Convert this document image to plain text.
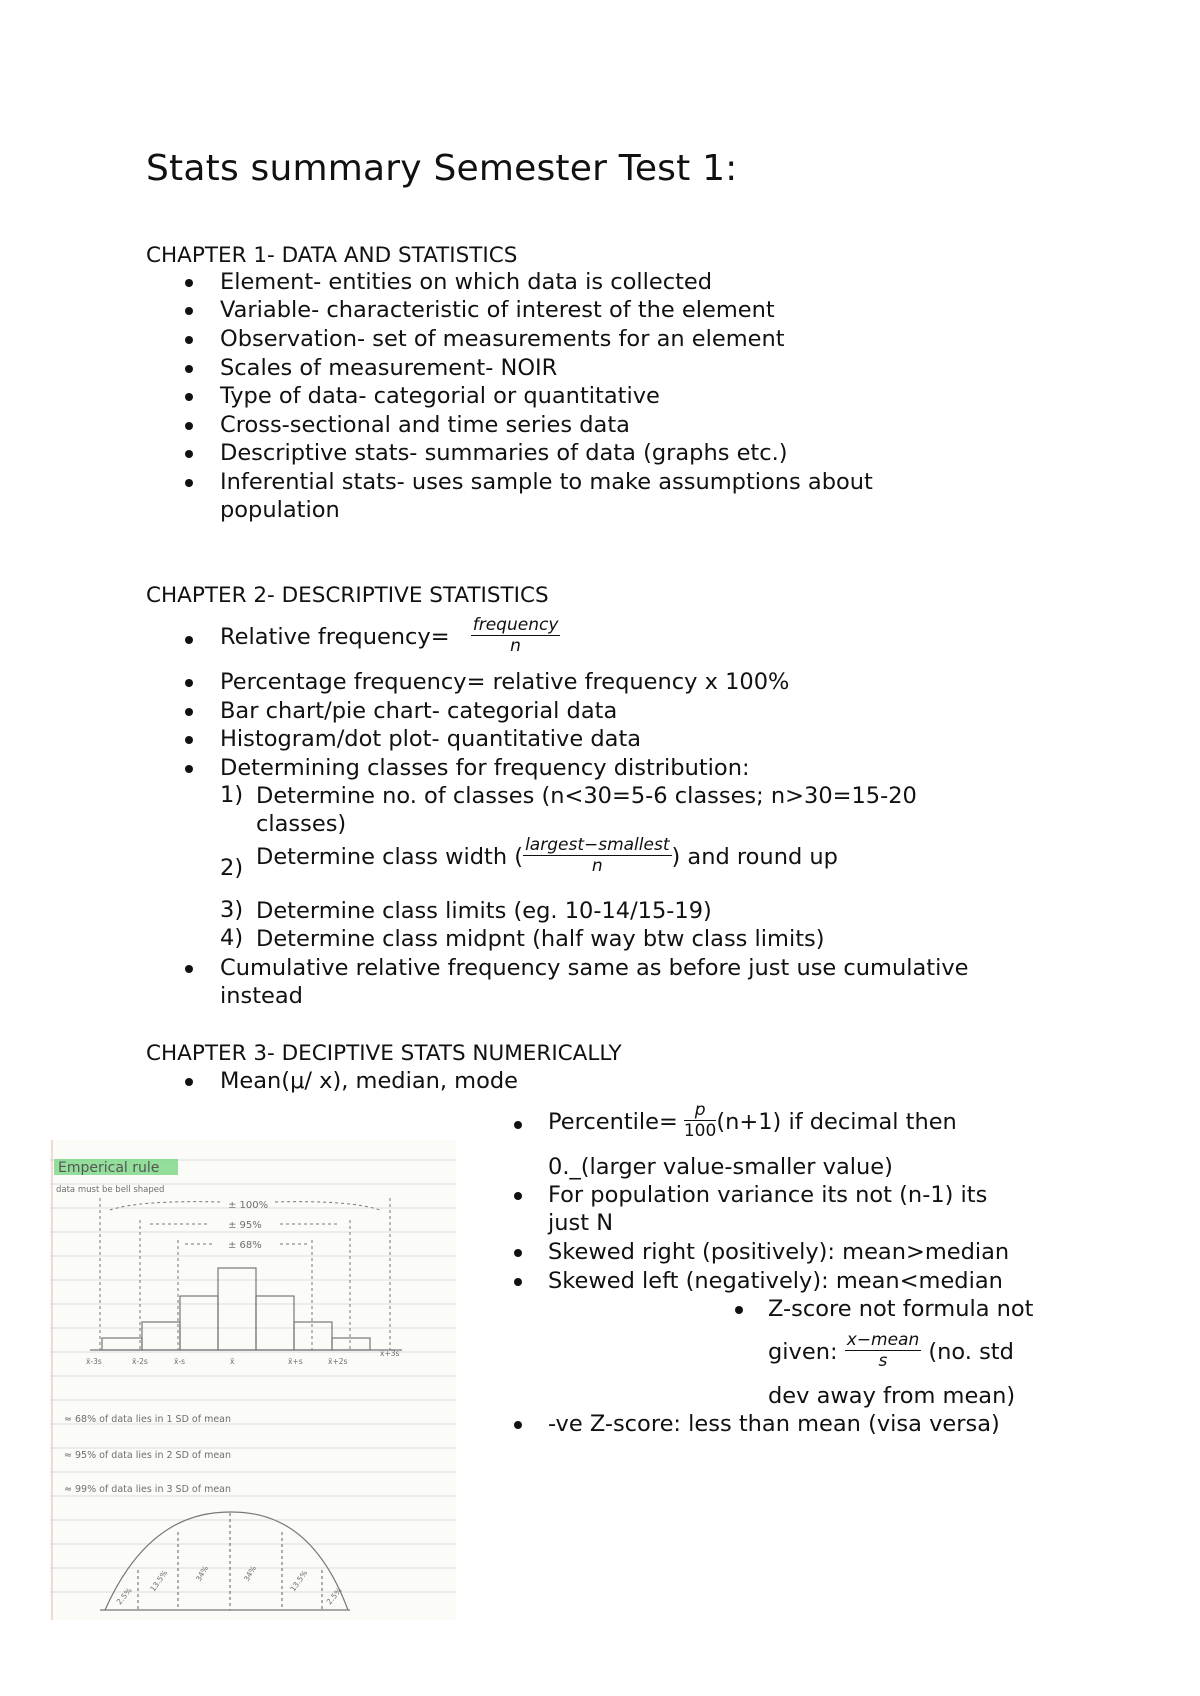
Stats summary Semester Test 1:
CHAPTER 1- DATA AND STATISTICS
Element- entities on which data is collected
Variable- characteristic of interest of the element
Observation- set of measurements for an element
Scales of measurement- NOIR
Type of data- categorial or quantitative
Cross-sectional and time series data
Descriptive stats- summaries of data (graphs etc.)
Inferential stats- uses sample to make assumptions about
population
CHAPTER 2- DESCRIPTIVE STATISTICS
Relative frequency= $\frac{\text{frequency}}{n}$
Percentage frequency= relative frequency x 100%
Bar chart/pie chart- categorial data
Histogram/dot plot- quantitative data
Determining classes for frequency distribution:
1) Determine no. of classes (n<30=5-6 classes; n>30=15-20
classes)
2) Determine class width ( $\frac{\text{largest−smallest}}{n}$ ) and round up
3) Determine class limits (eg. 10-14/15-19)
4) Determine class midpnt (half way btw class limits)
Cumulative relative frequency same as before just use cumulative
instead
CHAPTER 3- DECIPTIVE STATS NUMERICALLY
Mean(μ/ x), median, mode
Percentile= $\frac{p}{100} (n+1)$ if decimal then
0._(larger value-smaller value)
For population variance its not (n-1) its
just N
Skewed right (positively): mean>median
Skewed left (negatively): mean<median
Z-score not formula not
given: $\frac{\text{x−mean}}{s} (no$. std
dev away from mean)
-ve Z-score: less than mean (visa versa)
Emperical rule
data must be bell shaped
± 100%
± 95%
± 68%
x̄-3s	x̄-2s	x̄-s	x̄	x̄+s	x̄+2s
x̄+3s
≈ 68% of data lies in 1 SD of mean
≈ 95% of data lies in 2 SD of mean
≈ 99% of data lies in 3 SD of mean
2.5%
13.5%	34%	34%	13.5%
2.5%
